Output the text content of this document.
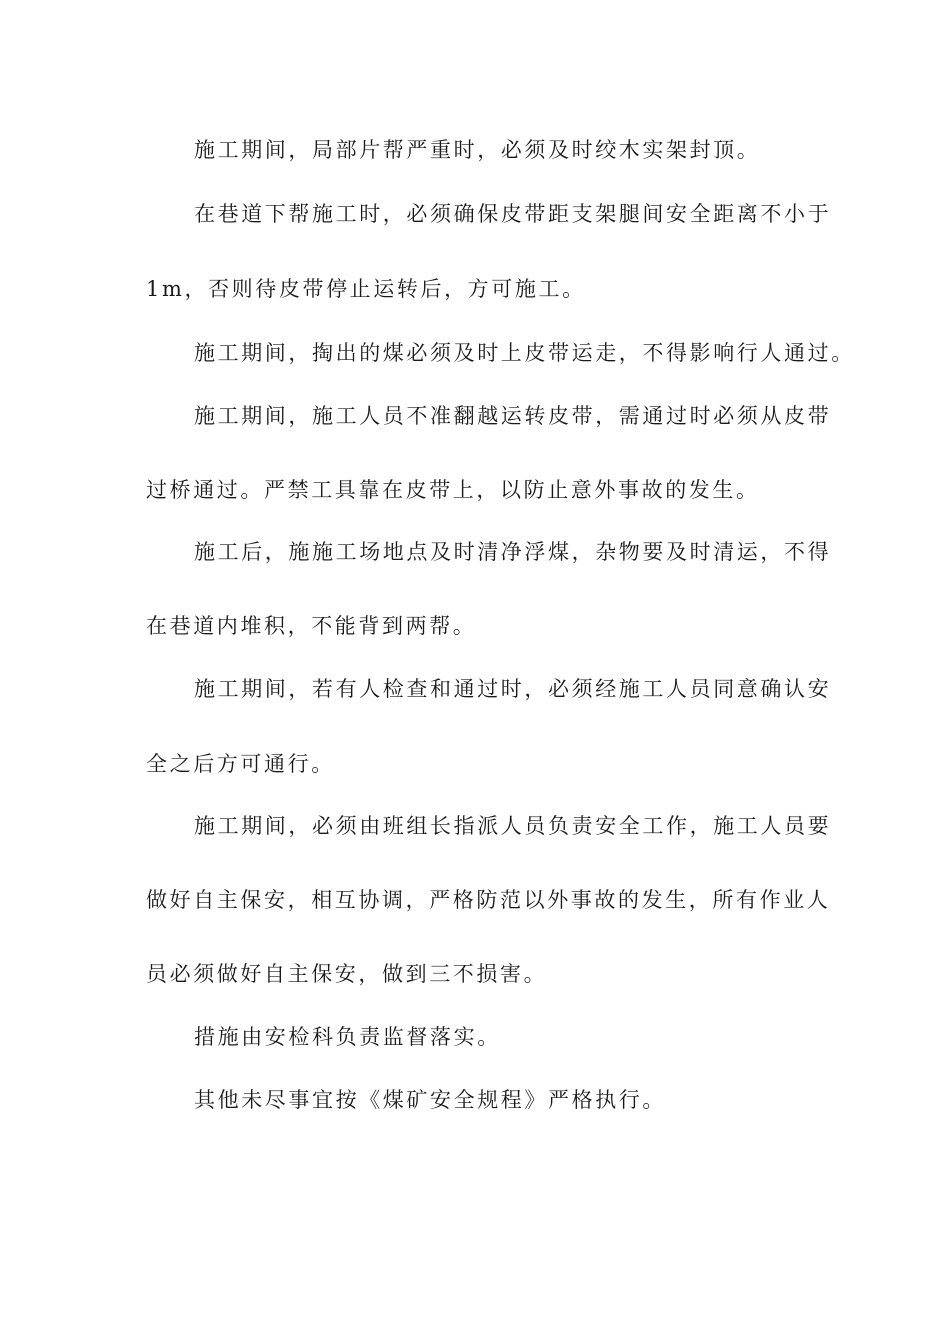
施工期间，局部片帮严重时，必须及时绞木实架封顶。
在巷道下帮施工时，必须确保皮带距支架腿间安全距离不小于
1m，否则待皮带停止运转后，方可施工。
施工期间，掏出的煤必须及时上皮带运走，不得影响行人通过。
施工期间，施工人员不准翻越运转皮带，需通过时必须从皮带
过桥通过。严禁工具靠在皮带上，以防止意外事故的发生。
施工后，施施工场地点及时清净浮煤，杂物要及时清运，不得
在巷道内堆积，不能背到两帮。
施工期间，若有人检查和通过时，必须经施工人员同意确认安
全之后方可通行。
施工期间，必须由班组长指派人员负责安全工作，施工人员要
做好自主保安，相互协调，严格防范以外事故的发生，所有作业人
员必须做好自主保安，做到三不损害。
措施由安检科负责监督落实。
其他未尽事宜按《煤矿安全规程》严格执行。
